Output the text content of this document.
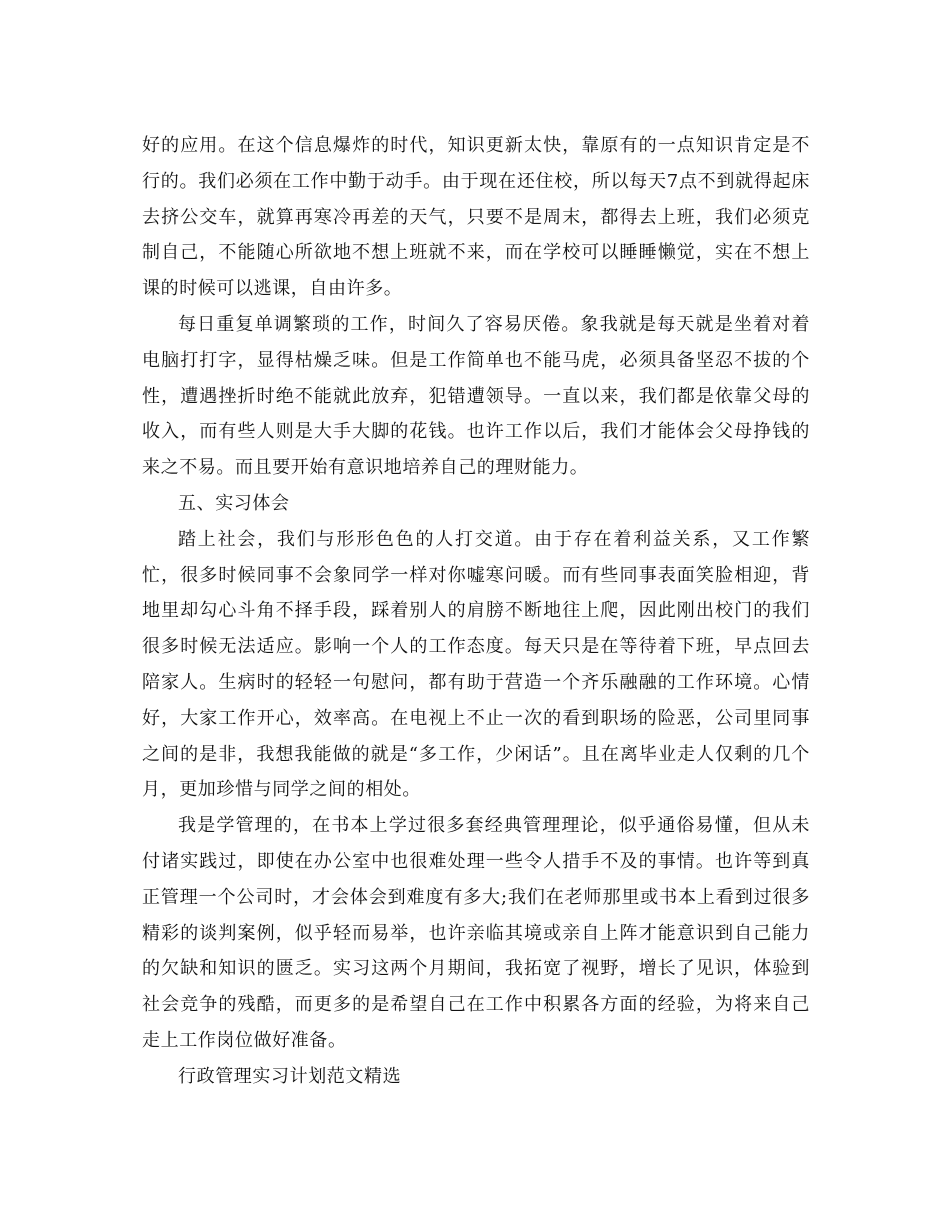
好的应用。在这个信息爆炸的时代，知识更新太快，靠原有的一点知识肯定是不行的。我们必须在工作中勤于动手。由于现在还住校，所以每天7点不到就得起床去挤公交车，就算再寒冷再差的天气，只要不是周末，都得去上班，我们必须克制自己，不能随心所欲地不想上班就不来，而在学校可以睡睡懒觉，实在不想上课的时候可以逃课，自由许多。

每日重复单调繁琐的工作，时间久了容易厌倦。象我就是每天就是坐着对着电脑打打字，显得枯燥乏味。但是工作简单也不能马虎，必须具备坚忍不拔的个性，遭遇挫折时绝不能就此放弃，犯错遭领导。一直以来，我们都是依靠父母的收入，而有些人则是大手大脚的花钱。也许工作以后，我们才能体会父母挣钱的来之不易。而且要开始有意识地培养自己的理财能力。

五、实习体会

踏上社会，我们与形形色色的人打交道。由于存在着利益关系，又工作繁忙，很多时候同事不会象同学一样对你嘘寒问暖。而有些同事表面笑脸相迎，背地里却勾心斗角不择手段，踩着别人的肩膀不断地往上爬，因此刚出校门的我们很多时候无法适应。影响一个人的工作态度。每天只是在等待着下班，早点回去陪家人。生病时的轻轻一句慰问，都有助于营造一个齐乐融融的工作环境。心情好，大家工作开心，效率高。在电视上不止一次的看到职场的险恶，公司里同事之间的是非，我想我能做的就是“多工作，少闲话”。且在离毕业走人仅剩的几个月，更加珍惜与同学之间的相处。

我是学管理的，在书本上学过很多套经典管理理论，似乎通俗易懂，但从未付诸实践过，即使在办公室中也很难处理一些令人措手不及的事情。也许等到真正管理一个公司时，才会体会到难度有多大;我们在老师那里或书本上看到过很多精彩的谈判案例，似乎轻而易举，也许亲临其境或亲自上阵才能意识到自己能力的欠缺和知识的匮乏。实习这两个月期间，我拓宽了视野，增长了见识，体验到社会竞争的残酷，而更多的是希望自己在工作中积累各方面的经验，为将来自己走上工作岗位做好准备。

行政管理实习计划范文精选
